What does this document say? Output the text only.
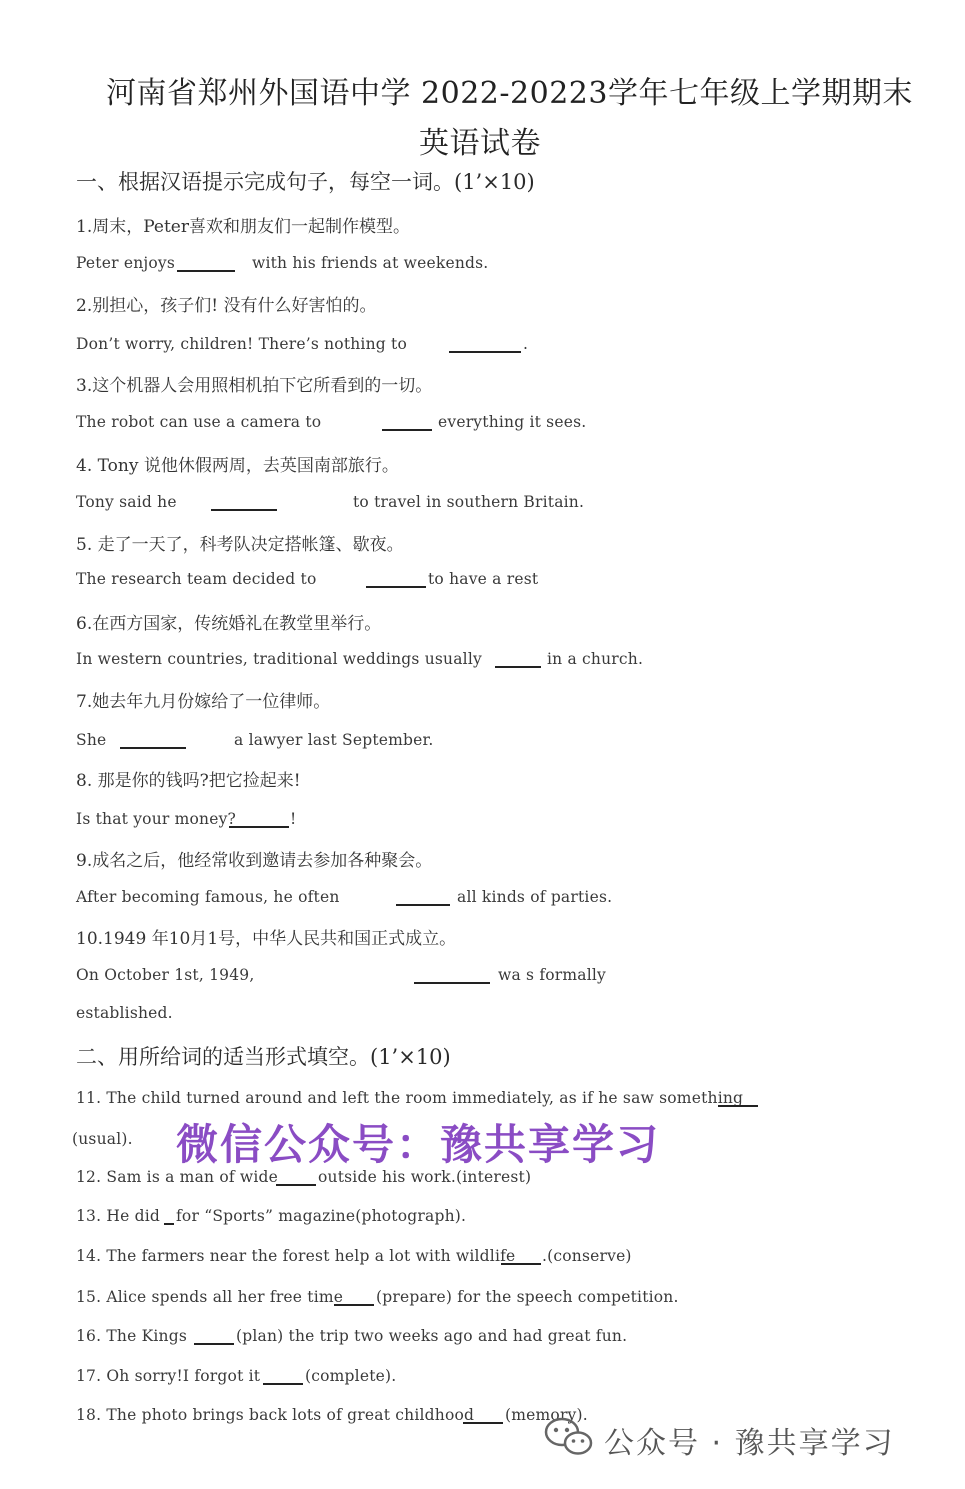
河南省郑州外国语中学 2022-20223学年七年级上学期期末
英语试卷
一、根据汉语提示完成句子，每空一词。(1’×10)
1.周末，Peter喜欢和朋友们一起制作模型。
Peter enjoys	with his friends at weekends.
2.别担心，孩子们! 没有什么好害怕的。
Don’t worry, children! There’s nothing to	.
3.这个机器人会用照相机拍下它所看到的一切。
The robot can use a camera to	everything it sees.
4. Tony 说他休假两周，去英国南部旅行。
Tony said he	to travel in southern Britain.
5. 走了一天了，科考队决定搭帐篷、歇夜。
The research team decided to	to have a rest
6.在西方国家，传统婚礼在教堂里举行。
In western countries, traditional weddings usually	in a church.
7.她去年九月份嫁给了一位律师。
She	a lawyer last September.
8. 那是你的钱吗?把它捡起来!
Is that your money?	!
9.成名之后，他经常收到邀请去参加各种聚会。
After becoming famous, he often	all kinds of parties.
10.1949 年10月1号，中华人民共和国正式成立。
On October 1st, 1949,	wa s formally
established.
二、用所给词的适当形式填空。(1’×10)
11. The child turned around and left the room immediately, as if he saw something
(usual). 微信公众号：豫共享学习
12. Sam is a man of wide	outside his work.(interest)
13. He did for “Sports” magazine(photograph).
14. The farmers near the forest help a lot with wildlife .(conserve)
15. Alice spends all her free time (prepare) for the speech competition.
16. The Kings	(plan) the trip two weeks ago and had great fun.
17. Oh sorry!I forgot it	(complete).
18. The photo brings back lots of great childhood (memory).
公众号 · 豫共享学习
